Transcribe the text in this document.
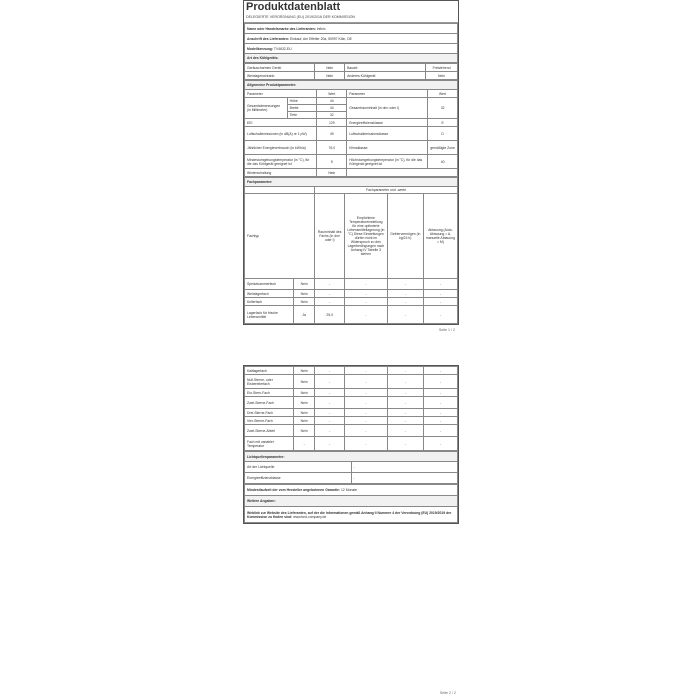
Produktdatenblatt
DELEGIERTE VERORDNUNG (EU) 2019/2016 DER KOMMISSION
Name oder Handelsmarke des Lieferanten: Infinix
Anschrift des Lieferanten: Einkauf, Am Effelter 20a, 50997 Köln, DE
Modellkennung: TV4632-EU
Art des Kühlgeräts:
Geräuscharmes Gerät:	Nein	Bauart:	Freistehend
Weinlagerschrank:	Nein	Anderes Kühlgerät:	Nein
Allgemeine Produktparameter:				
Parameter		Wert	Parameter	Wert
Gesamtabmessungen (in Millimeter)	Höhe	44	Gesamtrauminhalt (in dm³ oder l)	32
	Breite	44		
	Tiefe	32		
EEI		129	Energieeffizienzklasse	E
Luftschallemissionen (in dB(A) re 1 pW)		49	Luftschallemissionsklasse	D
Jährlicher Energieverbrauch (in kWh/a)		76,0	Klimaklasse:	gemäßigte Zone
Mindestumgebungstemperatur (in °C), für die das Kühlgerät geeignet ist		5	Höchstumgebungstemperatur (in °C), für die das Kühlgerät geeignet ist	40
Winterschaltung		Nein		
Fachparameter:					
		Fachparameter und -werte			
Fachtyp		Rauminhalt des Fachs (in dm³ oder l)	Empfohlene Temperatureinstellung für eine optimierte Lebensmittellagerung (in °C) Diese Einstellungen dürfen nicht im Widerspruch zu den Lagerbedingungen nach Anhang IV Tabelle 3 stehen	Gefriervermögen (in kg/24 h)	Abtauung (Auto-Abtauung = A, manuelle Abtauung = M)
Speisekammerfach	Nein	-	-	-	-
Weinlagerfach	Nein	-	-	-	-
Kellerfach	Nein	-	-	-	-
Lagerfach für frische Lebensmittel	Ja	25,0	-	-	-
Seite 1 / 2
Kaltlagerfach	Nein	-	-	-	-
Null-Sterne- oder Eisbereiterfach	Nein	-	-	-	-
Ein-Stern-Fach	Nein	-	-	-	-
Zwei-Sterne-Fach	Nein	-	-	-	-
Drei-Sterne-Fach	Nein	-	-	-	-
Vier-Sterne-Fach	Nein	-	-	-	-
Zwei-Sterne-Abteil	Nein	-	-	-	-
Fach mit variabler Temperatur	-	-	-	-	-
Lichtquellenparameter:	
Art der Lichtquelle	-
Energieeffizienzklasse	-
Mindestlaufzeit der vom Hersteller angebotenen Garantie: 12 Monate
Weitere Angaben:
Weblink zur Website des Lieferanten, auf der die Informationen gemäß Anhang II Nummer 4 der Verordnung (EU) 2019/2019 der Kommission zu finden sind: www.bed-company.de
Seite 2 / 2
